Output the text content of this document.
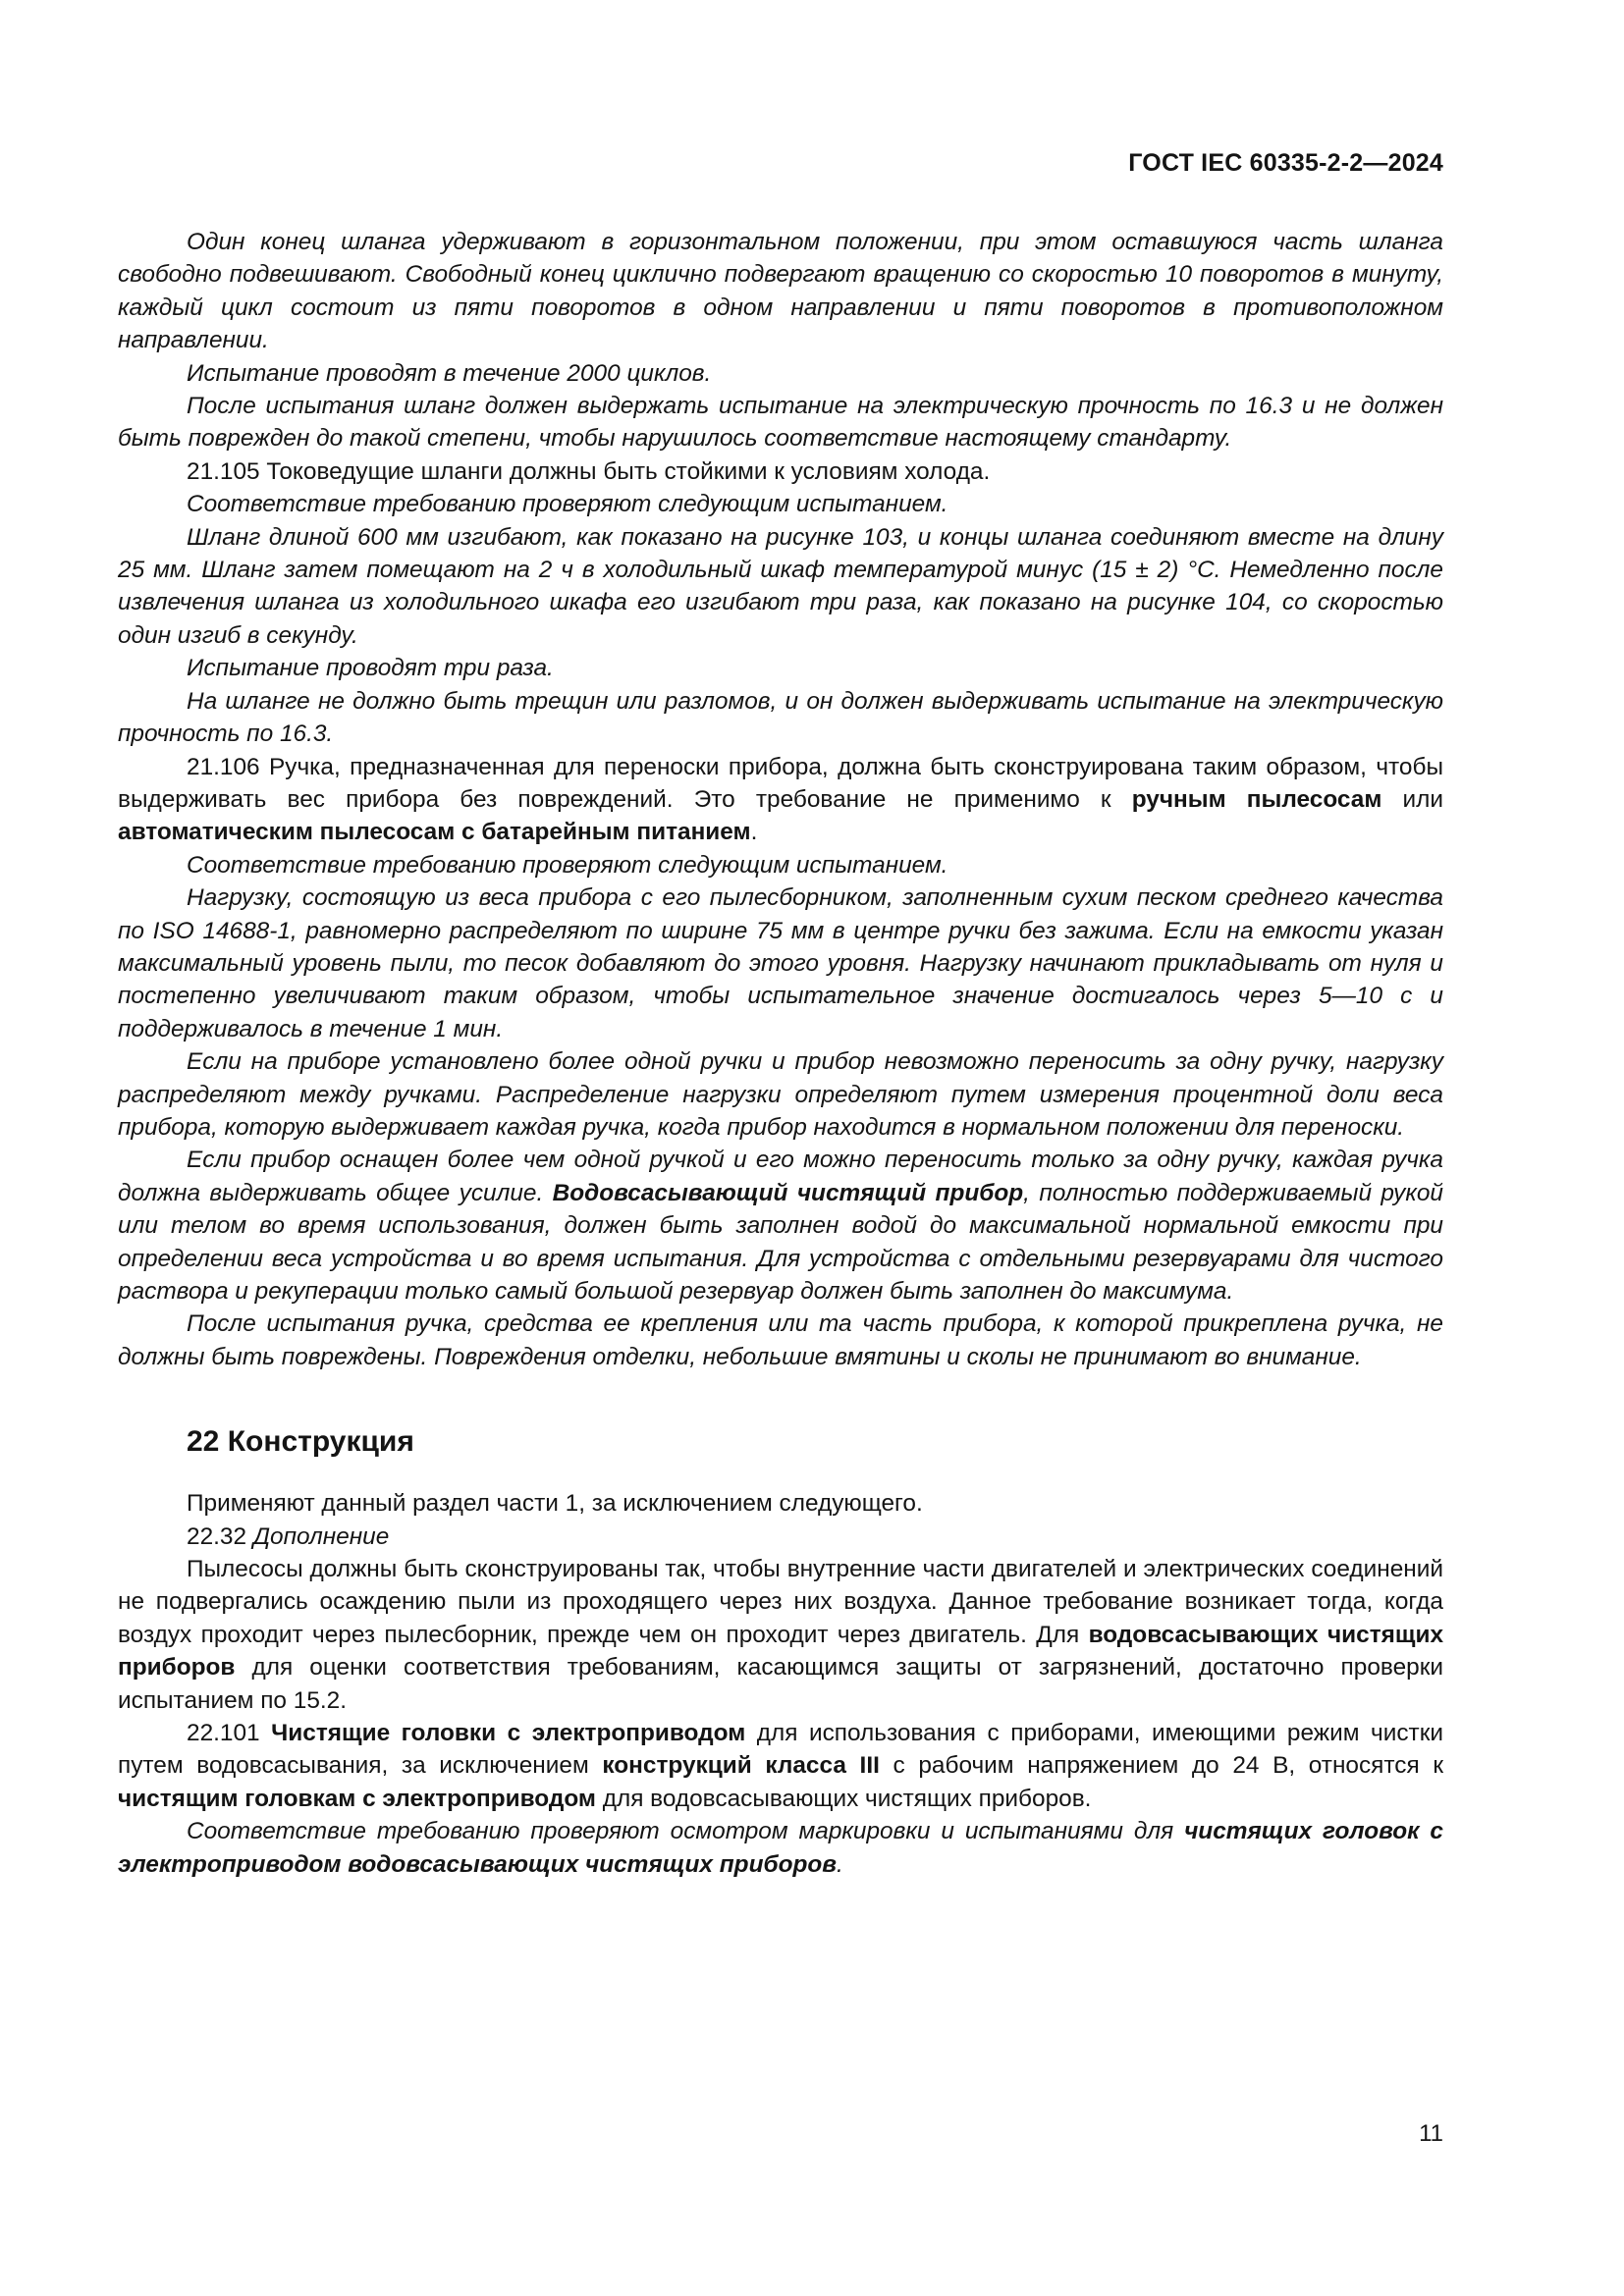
ГОСТ IEC 60335-2-2—2024

Один конец шланга удерживают в горизонтальном положении, при этом оставшуюся часть шланга свободно подвешивают. Свободный конец циклично подвергают вращению со скоростью 10 поворотов в минуту, каждый цикл состоит из пяти поворотов в одном направлении и пяти поворотов в противоположном направлении.

Испытание проводят в течение 2000 циклов.

После испытания шланг должен выдержать испытание на электрическую прочность по 16.3 и не должен быть поврежден до такой степени, чтобы нарушилось соответствие настоящему стандарту.

21.105 Токоведущие шланги должны быть стойкими к условиям холода.

Соответствие требованию проверяют следующим испытанием.

Шланг длиной 600 мм изгибают, как показано на рисунке 103, и концы шланга соединяют вместе на длину 25 мм. Шланг затем помещают на 2 ч в холодильный шкаф температурой минус (15 ± 2) °С. Немедленно после извлечения шланга из холодильного шкафа его изгибают три раза, как показано на рисунке 104, со скоростью один изгиб в секунду.

Испытание проводят три раза.

На шланге не должно быть трещин или разломов, и он должен выдерживать испытание на электрическую прочность по 16.3.

21.106 Ручка, предназначенная для переноски прибора, должна быть сконструирована таким образом, чтобы выдерживать вес прибора без повреждений. Это требование не применимо к ручным пылесосам или автоматическим пылесосам с батарейным питанием.

Соответствие требованию проверяют следующим испытанием.

Нагрузку, состоящую из веса прибора с его пылесборником, заполненным сухим песком среднего качества по ISO 14688-1, равномерно распределяют по ширине 75 мм в центре ручки без зажима. Если на емкости указан максимальный уровень пыли, то песок добавляют до этого уровня. Нагрузку начинают прикладывать от нуля и постепенно увеличивают таким образом, чтобы испытательное значение достигалось через 5—10 с и поддерживалось в течение 1 мин.

Если на приборе установлено более одной ручки и прибор невозможно переносить за одну ручку, нагрузку распределяют между ручками. Распределение нагрузки определяют путем измерения процентной доли веса прибора, которую выдерживает каждая ручка, когда прибор находится в нормальном положении для переноски.

Если прибор оснащен более чем одной ручкой и его можно переносить только за одну ручку, каждая ручка должна выдерживать общее усилие. Водовсасывающий чистящий прибор, полностью поддерживаемый рукой или телом во время использования, должен быть заполнен водой до максимальной нормальной емкости при определении веса устройства и во время испытания. Для устройства с отдельными резервуарами для чистого раствора и рекуперации только самый большой резервуар должен быть заполнен до максимума.

После испытания ручка, средства ее крепления или та часть прибора, к которой прикреплена ручка, не должны быть повреждены. Повреждения отделки, небольшие вмятины и сколы не принимают во внимание.

22 Конструкция

Применяют данный раздел части 1, за исключением следующего.

22.32 Дополнение

Пылесосы должны быть сконструированы так, чтобы внутренние части двигателей и электрических соединений не подвергались осаждению пыли из проходящего через них воздуха. Данное требование возникает тогда, когда воздух проходит через пылесборник, прежде чем он проходит через двигатель. Для водовсасывающих чистящих приборов для оценки соответствия требованиям, касающимся защиты от загрязнений, достаточно проверки испытанием по 15.2.

22.101 Чистящие головки с электроприводом для использования с приборами, имеющими режим чистки путем водовсасывания, за исключением конструкций класса III с рабочим напряжением до 24 В, относятся к чистящим головкам с электроприводом для водовсасывающих чистящих приборов.

Соответствие требованию проверяют осмотром маркировки и испытаниями для чистящих головок с электроприводом водовсасывающих чистящих приборов.

11
